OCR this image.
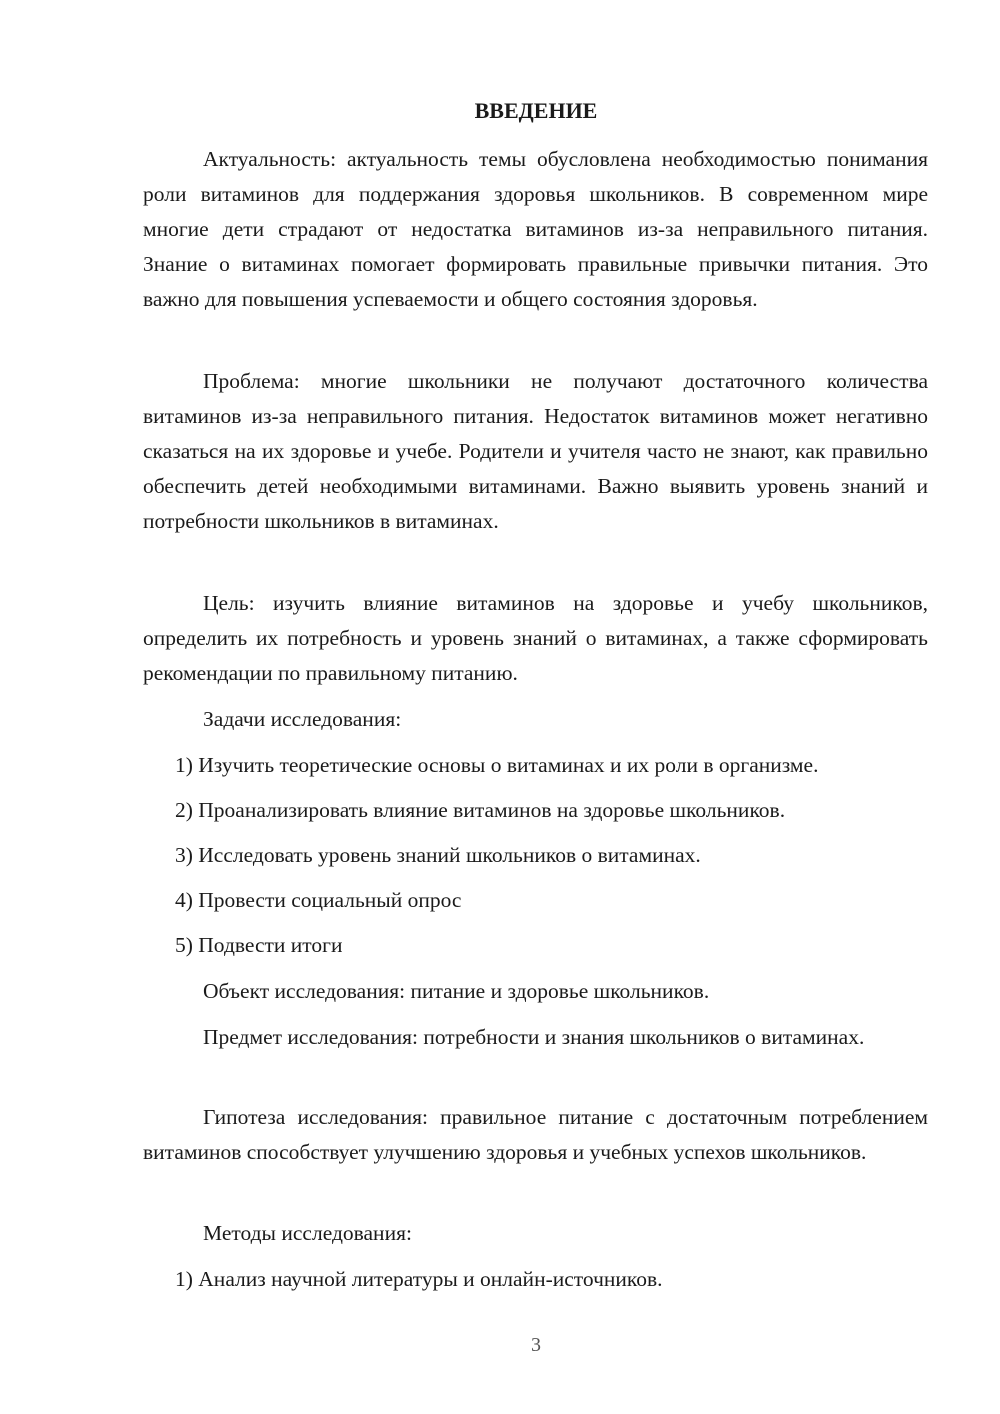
ВВЕДЕНИЕ

Актуальность: актуальность темы обусловлена необходимостью понимания роли витаминов для поддержания здоровья школьников. В современном мире многие дети страдают от недостатка витаминов из-за неправильного питания. Знание о витаминах помогает формировать правильные привычки питания. Это важно для повышения успеваемости и общего состояния здоровья.

Проблема: многие школьники не получают достаточного количества витаминов из-за неправильного питания. Недостаток витаминов может негативно сказаться на их здоровье и учебе. Родители и учителя часто не знают, как правильно обеспечить детей необходимыми витаминами. Важно выявить уровень знаний и потребности школьников в витаминах.

Цель: изучить влияние витаминов на здоровье и учебу школьников, определить их потребность и уровень знаний о витаминах, а также сформировать рекомендации по правильному питанию.

Задачи исследования:

1) Изучить теоретические основы о витаминах и их роли в организме.

2) Проанализировать влияние витаминов на здоровье школьников.

3) Исследовать уровень знаний школьников о витаминах.

4) Провести социальный опрос

5) Подвести итоги

Объект исследования: питание и здоровье школьников.

Предмет исследования: потребности и знания школьников о витаминах.

Гипотеза исследования: правильное питание с достаточным потреблением витаминов способствует улучшению здоровья и учебных успехов школьников.

Методы исследования:

1) Анализ научной литературы и онлайн-источников.

3
